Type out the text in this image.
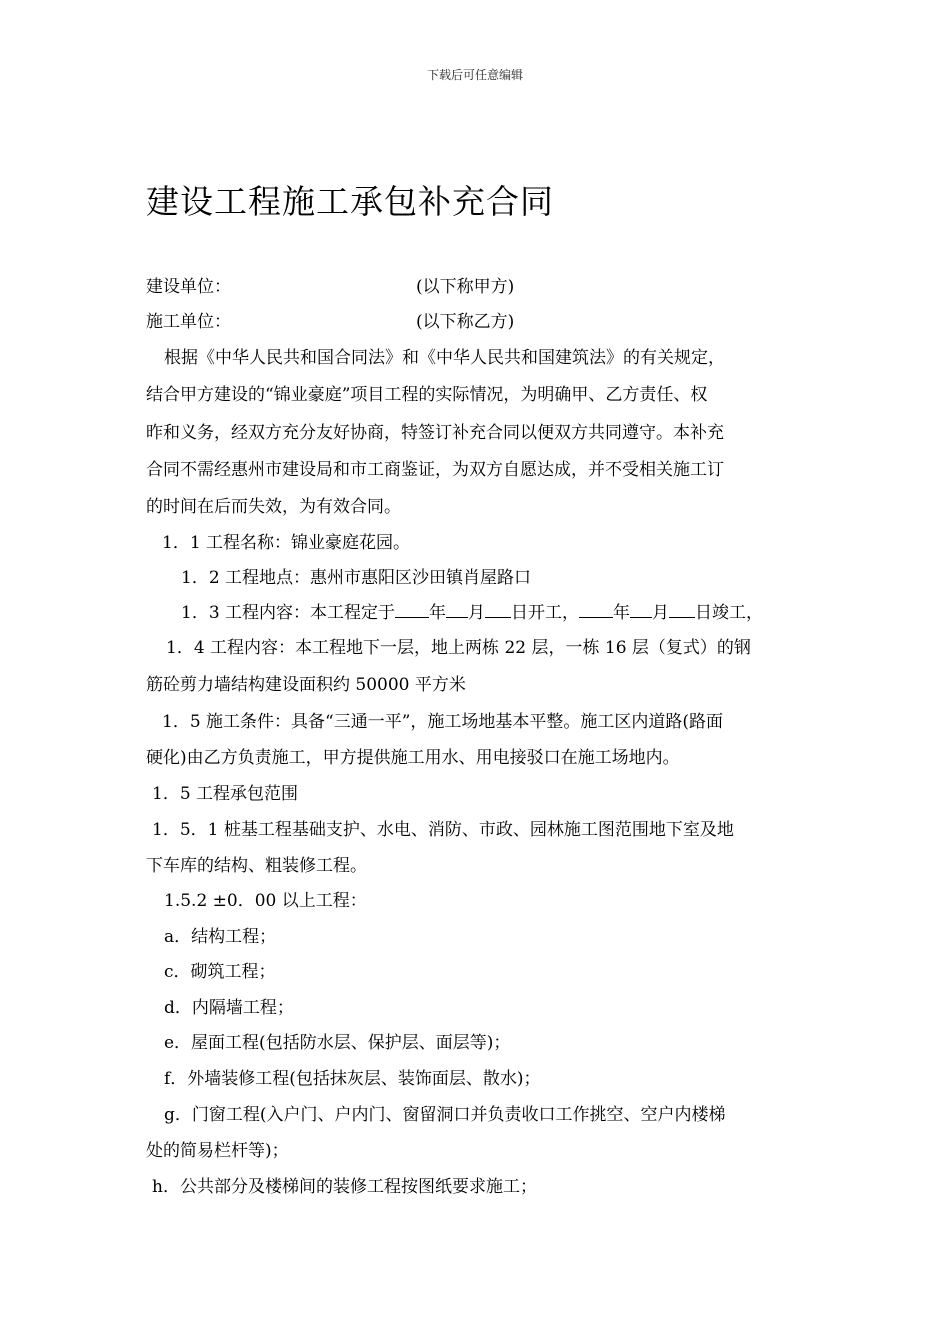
下载后可任意编辑
建设工程施工承包补充合同
建设单位：	(以下称甲方)
施工单位：	(以下称乙方)
根据《中华人民共和国合同法》和《中华人民共和国建筑法》的有关规定，
结合甲方建设的“锦业豪庭”项目工程的实际情况，为明确甲、乙方责任、权
昨和义务，经双方充分友好协商，特签订补充合同以便双方共同遵守。本补充
合同不需经惠州市建设局和市工商鉴证，为双方自愿达成，并不受相关施工订
的时间在后而失效，为有效合同。
1．1 工程名称：锦业豪庭花园。
1．2 工程地点：惠州市惠阳区沙田镇肖屋路口
1．3 工程内容：本工程定于 年 月 日开工， 年 月 日竣工，
1．4 工程内容：本工程地下一层，地上两栋 22 层，一栋 16 层（复式）的钢
筋砼剪力墙结构建设面积约 50000 平方米
1．5 施工条件：具备“三通一平”，施工场地基本平整。施工区内道路(路面
硬化)由乙方负责施工，甲方提供施工用水、用电接驳口在施工场地内。
1．5 工程承包范围
1．5．1 桩基工程基础支护、水电、消防、市政、园林施工图范围地下室及地
下车库的结构、粗装修工程。
1.5.2 ±0．00 以上工程：
a．结构工程；
c．砌筑工程；
d．内隔墙工程；
e．屋面工程(包括防水层、保护层、面层等)；
f．外墙装修工程(包括抹灰层、装饰面层、散水)；
g．门窗工程(入户门、户内门、窗留洞口并负责收口工作挑空、空户内楼梯
处的简易栏杆等)；
h．公共部分及楼梯间的装修工程按图纸要求施工；
